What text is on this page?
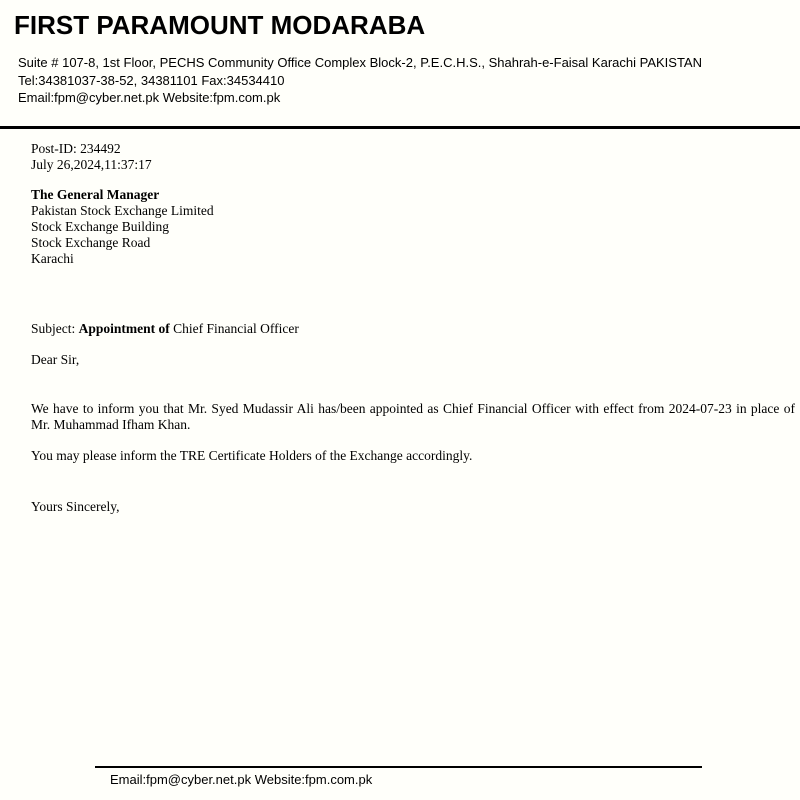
FIRST PARAMOUNT MODARABA
Suite # 107-8, 1st Floor, PECHS Community Office Complex Block-2, P.E.C.H.S., Shahrah-e-Faisal Karachi PAKISTAN
Tel:34381037-38-52, 34381101 Fax:34534410
Email:fpm@cyber.net.pk Website:fpm.com.pk
Post-ID: 234492
July 26,2024,11:37:17
The General Manager
Pakistan Stock Exchange Limited
Stock Exchange Building
Stock Exchange Road
Karachi
Subject: Appointment of Chief Financial Officer

Dear Sir,

We have to inform you that Mr. Syed Mudassir Ali has/been appointed as Chief Financial Officer with effect from 2024-07-23 in place of Mr. Muhammad Ifham Khan.

You may please inform the TRE Certificate Holders of the Exchange accordingly.

Yours Sincerely,

Email:fpm@cyber.net.pk Website:fpm.com.pk
